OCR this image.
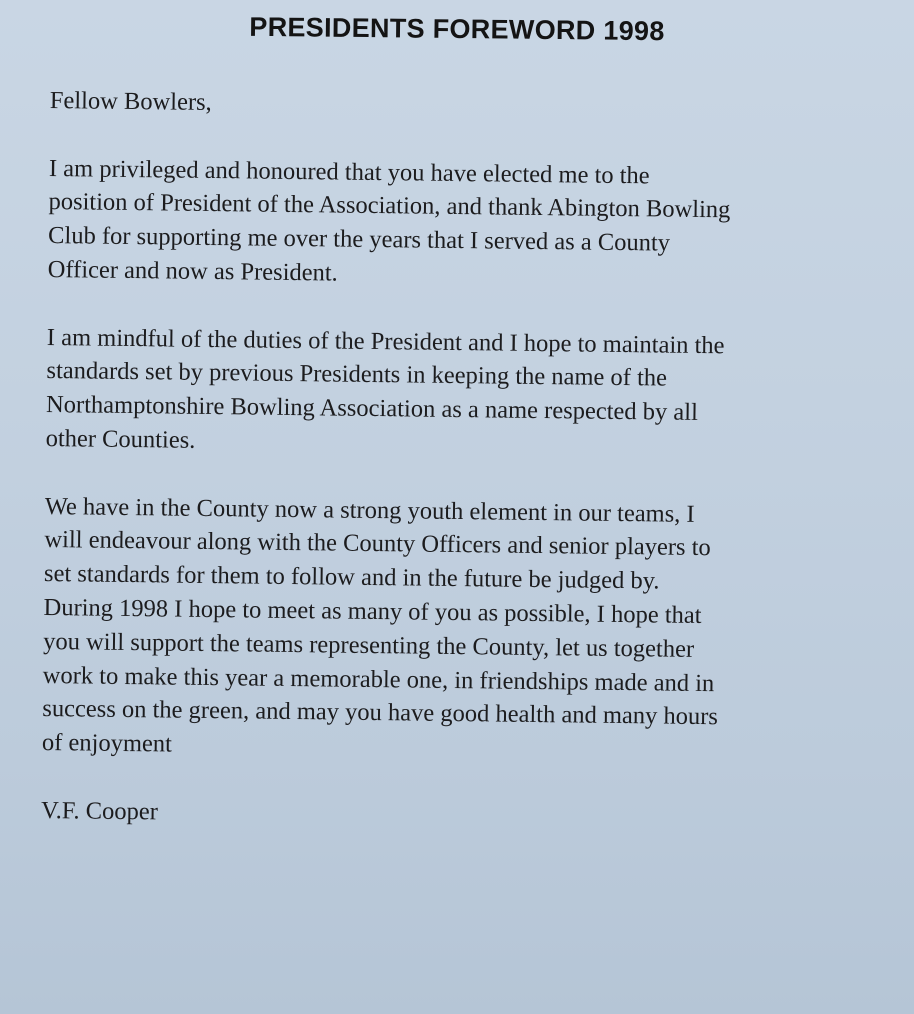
PRESIDENTS FOREWORD 1998
Fellow Bowlers,
I am privileged and honoured that you have elected me to the
position of President of the Association, and thank Abington Bowling
Club for supporting me over the years that I served as a County
Officer and now as President.
I am mindful of the duties of the President and I hope to maintain the
standards set by previous Presidents in keeping the name of the
Northamptonshire Bowling Association as a name respected by all
other Counties.
We have in the County now a strong youth element in our teams, I
will endeavour along with the County Officers and senior players to
set standards for them to follow and in the future be judged by.
During 1998 I hope to meet as many of you as possible, I hope that
you will support the teams representing the County, let us together
work to make this year a memorable one, in friendships made and in
success on the green, and may you have good health and many hours
of enjoyment
V.F. Cooper
